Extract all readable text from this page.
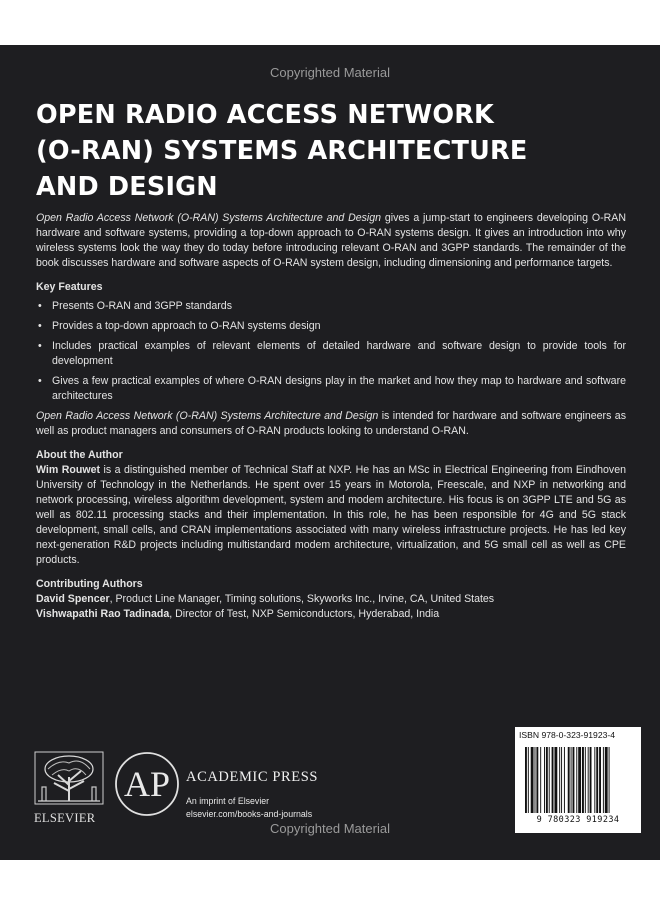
Copyrighted Material
OPEN RADIO ACCESS NETWORK
(O-RAN) SYSTEMS ARCHITECTURE
AND DESIGN

Open Radio Access Network (O-RAN) Systems Architecture and Design gives a jump-start to engineers developing O-RAN hardware and software systems, providing a top-down approach to O-RAN systems design. It gives an introduction into why wireless systems look the way they do today before introducing relevant O-RAN and 3GPP standards. The remainder of the book discusses hardware and software aspects of O-RAN system design, including dimensioning and performance targets.

Key Features

• Presents O-RAN and 3GPP standards
• Provides a top-down approach to O-RAN systems design
• Includes practical examples of relevant elements of detailed hardware and software design to provide tools for development
• Gives a few practical examples of where O-RAN designs play in the market and how they map to hardware and software architectures

Open Radio Access Network (O-RAN) Systems Architecture and Design is intended for hardware and software engineers as well as product managers and consumers of O-RAN products looking to understand O-RAN.

About the Author

Wim Rouwet is a distinguished member of Technical Staff at NXP. He has an MSc in Electrical Engineering from Eindhoven University of Technology in the Netherlands. He spent over 15 years in Motorola, Freescale, and NXP in networking and network processing, wireless algorithm development, system and modem architecture. His focus is on 3GPP LTE and 5G as well as 802.11 processing stacks and their implementation. In this role, he has been responsible for 4G and 5G stack development, small cells, and CRAN implementations associated with many wireless infrastructure projects. He has led key next-generation R&D projects including multistandard modem architecture, virtualization, and 5G small cell as well as CPE products.

Contributing Authors

David Spencer, Product Line Manager, Timing solutions, Skyworks Inc., Irvine, CA, United States

Vishwapathi Rao Tadinada, Director of Test, NXP Semiconductors, Hyderabad, India

ELSEVIER
AP ACADEMIC PRESS
An imprint of Elsevier
elsevier.com/books-and-journals
ISBN 978-0-323-91923-4
9 780323 919234
Copyrighted Material
